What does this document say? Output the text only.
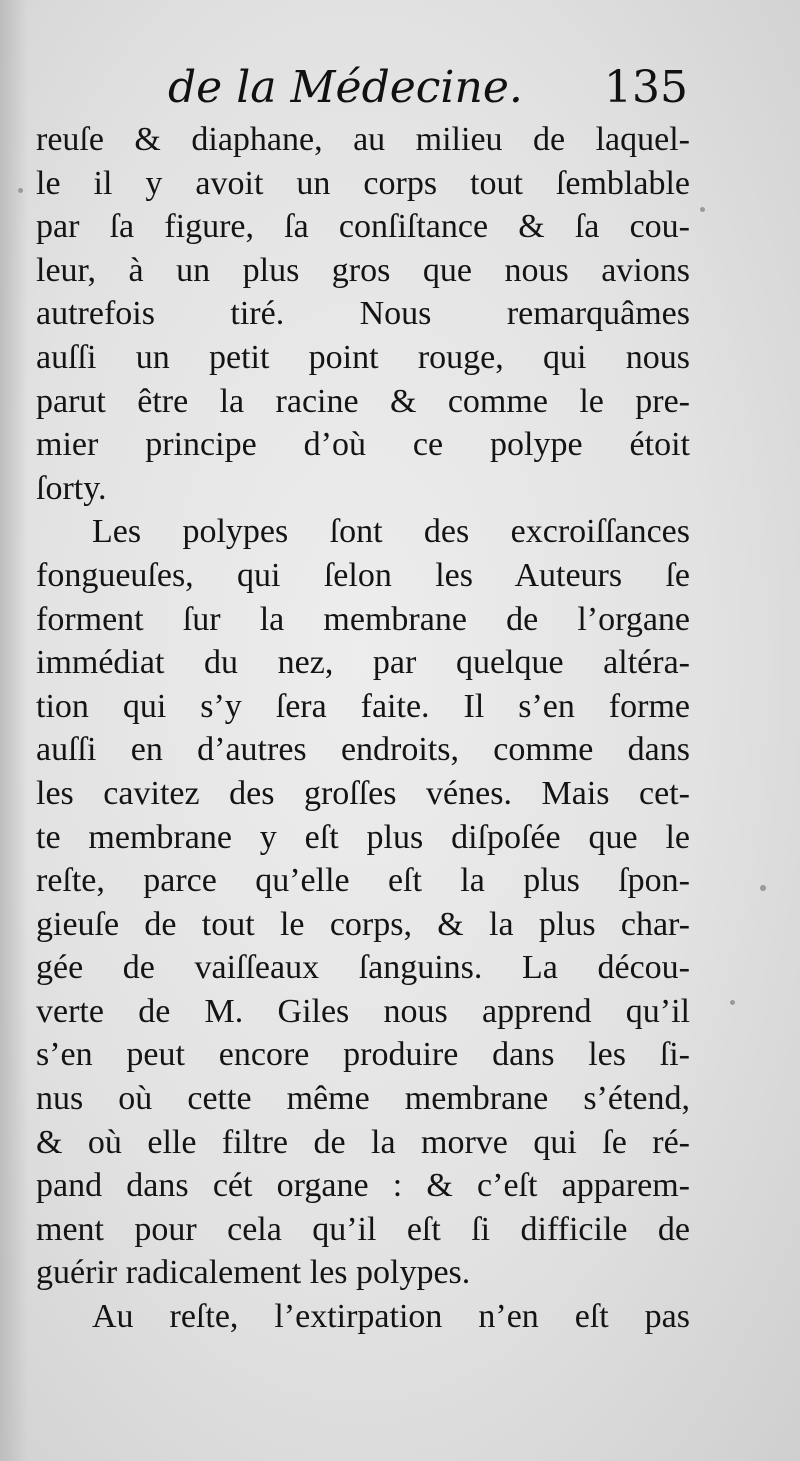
de la Médecine. 135
reuſe & diaphane, au milieu de laquel-
le il y avoit un corps tout ſemblable
par ſa figure, ſa conſiſtance & ſa cou-
leur, à un plus gros que nous avions
autrefois tiré. Nous remarquâmes
auſſi un petit point rouge, qui nous
parut être la racine & comme le pre-
mier principe d’où ce polype étoit
ſorty.
Les polypes ſont des excroiſſances
fongueuſes, qui ſelon les Auteurs ſe
forment ſur la membrane de l’organe
immédiat du nez, par quelque altéra-
tion qui s’y ſera faite. Il s’en forme
auſſi en d’autres endroits, comme dans
les cavitez des groſſes vénes. Mais cet-
te membrane y eſt plus diſpoſée que le
reſte, parce qu’elle eſt la plus ſpon-
gieuſe de tout le corps, & la plus char-
gée de vaiſſeaux ſanguins. La décou-
verte de M. Giles nous apprend qu’il
s’en peut encore produire dans les ſi-
nus où cette même membrane s’étend,
& où elle filtre de la morve qui ſe ré-
pand dans cét organe : & c’eſt apparem-
ment pour cela qu’il eſt ſi difficile de
guérir radicalement les polypes.
Au reſte, l’extirpation n’en eſt pas
